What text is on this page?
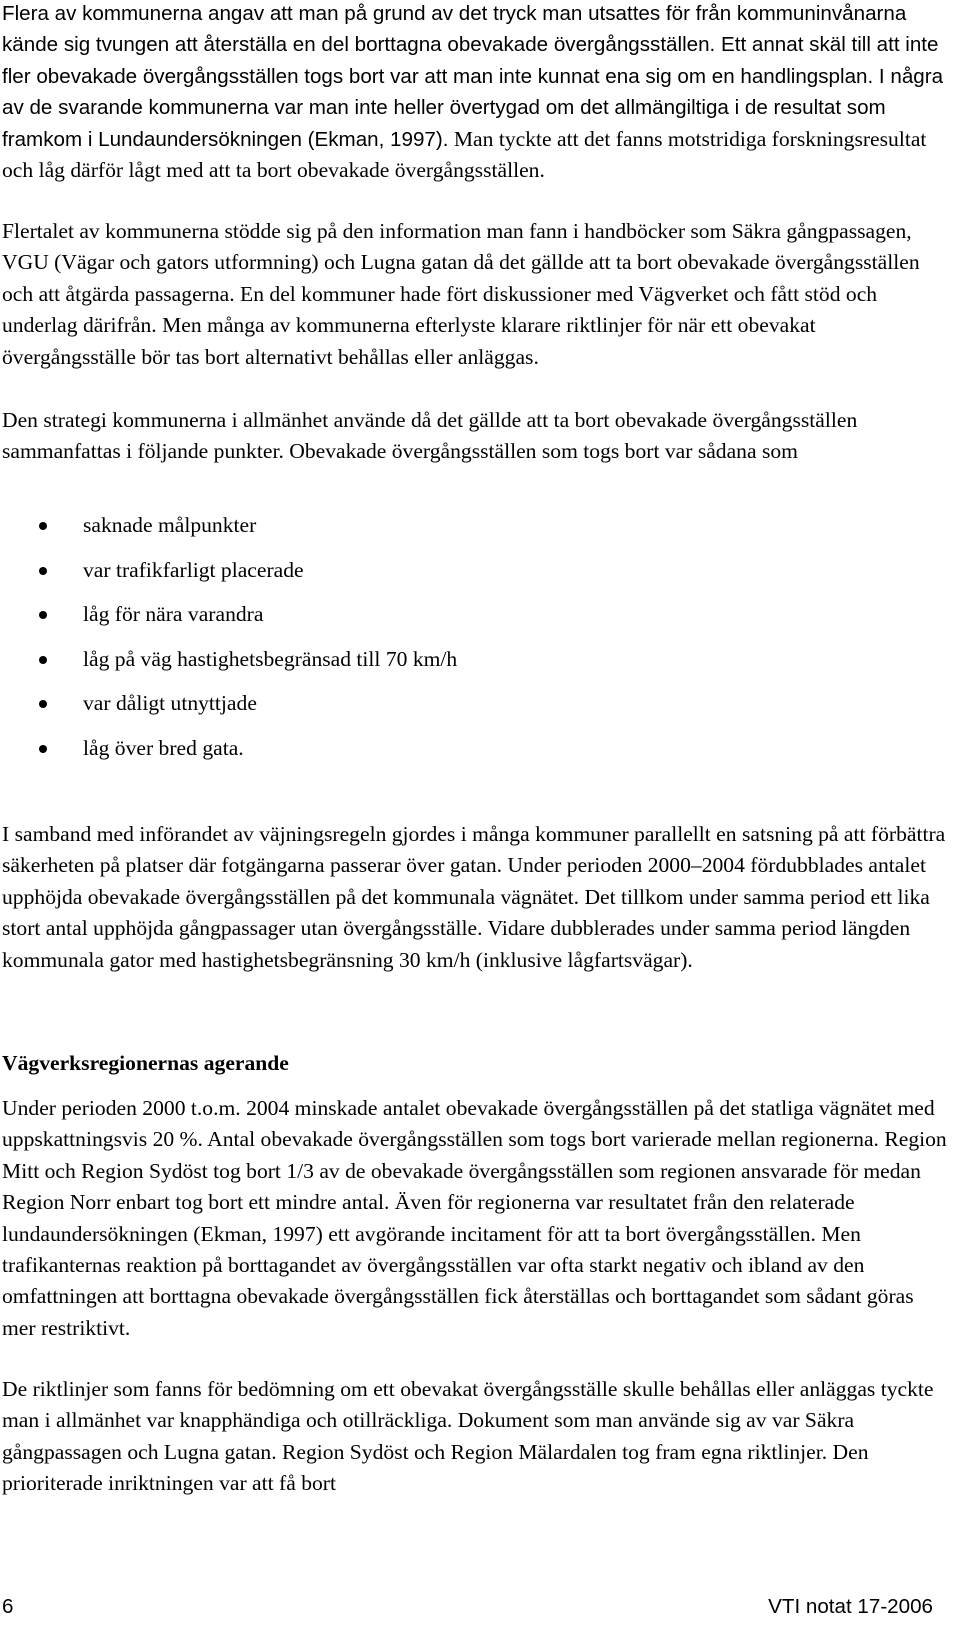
Flera av kommunerna angav att man på grund av det tryck man utsattes för från kommuninvånarna kände sig tvungen att återställa en del borttagna obevakade övergångsställen. Ett annat skäl till att inte fler obevakade övergångsställen togs bort var att man inte kunnat ena sig om en handlingsplan. I några av de svarande kommunerna var man inte heller övertygad om det allmängiltiga i de resultat som framkom i Lundaundersökningen (Ekman, 1997). Man tyckte att det fanns motstridiga forskningsresultat och låg därför lågt med att ta bort obevakade övergångsställen.

Flertalet av kommunerna stödde sig på den information man fann i handböcker som Säkra gångpassagen, VGU (Vägar och gators utformning) och Lugna gatan då det gällde att ta bort obevakade övergångsställen och att åtgärda passagerna. En del kommuner hade fört diskussioner med Vägverket och fått stöd och underlag därifrån. Men många av kommunerna efterlyste klarare riktlinjer för när ett obevakat övergångsställe bör tas bort alternativt behållas eller anläggas.

Den strategi kommunerna i allmänhet använde då det gällde att ta bort obevakade övergångsställen sammanfattas i följande punkter. Obevakade övergångsställen som togs bort var sådana som

saknade målpunkter
var trafikfarligt placerade
låg för nära varandra
låg på väg hastighetsbegränsad till 70 km/h
var dåligt utnyttjade
låg över bred gata.

I samband med införandet av väjningsregeln gjordes i många kommuner parallellt en satsning på att förbättra säkerheten på platser där fotgängarna passerar över gatan. Under perioden 2000–2004 fördubblades antalet upphöjda obevakade övergångsställen på det kommunala vägnätet. Det tillkom under samma period ett lika stort antal upphöjda gångpassager utan övergångsställe. Vidare dubblerades under samma period längden kommunala gator med hastighetsbegränsning 30 km/h (inklusive lågfartsvägar).

Vägverksregionernas agerande

Under perioden 2000 t.o.m. 2004 minskade antalet obevakade övergångsställen på det statliga vägnätet med uppskattningsvis 20 %. Antal obevakade övergångsställen som togs bort varierade mellan regionerna. Region Mitt och Region Sydöst tog bort 1/3 av de obevakade övergångsställen som regionen ansvarade för medan Region Norr enbart tog bort ett mindre antal. Även för regionerna var resultatet från den relaterade lundaundersökningen (Ekman, 1997) ett avgörande incitament för att ta bort övergångsställen. Men trafikanternas reaktion på borttagandet av övergångsställen var ofta starkt negativ och ibland av den omfattningen att borttagna obevakade övergångsställen fick återställas och borttagandet som sådant göras mer restriktivt.

De riktlinjer som fanns för bedömning om ett obevakat övergångsställe skulle behållas eller anläggas tyckte man i allmänhet var knapphändiga och otillräckliga. Dokument som man använde sig av var Säkra gångpassagen och Lugna gatan. Region Sydöst och Region Mälardalen tog fram egna riktlinjer. Den prioriterade inriktningen var att få bort

6	VTI notat 17-2006
